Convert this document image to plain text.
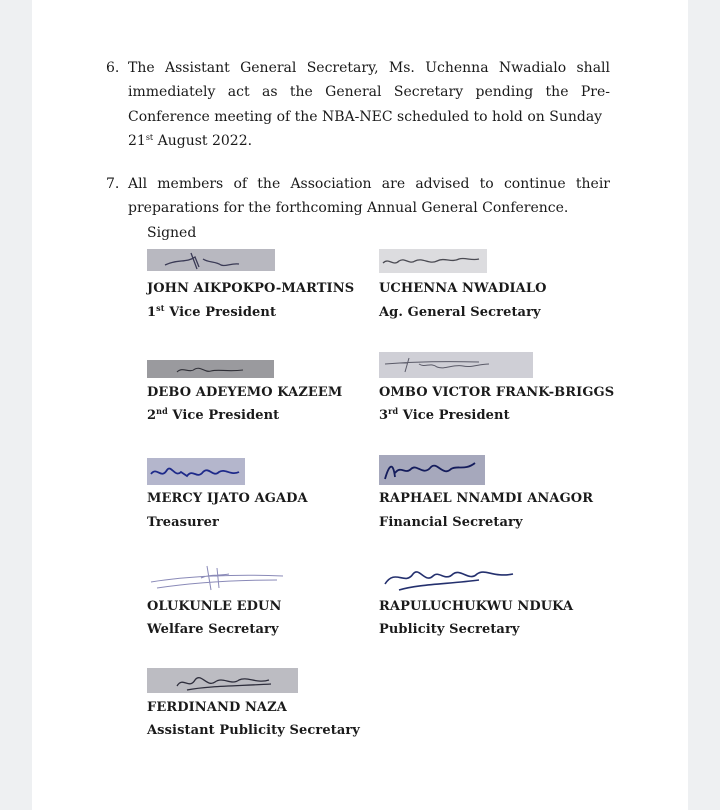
6. The Assistant General Secretary, Ms. Uchenna Nwadialo shall immediately act as the General Secretary pending the Pre-Conference meeting of the NBA-NEC scheduled to hold on Sunday
21st August 2022.
7. All members of the Association are advised to continue their preparations for the forthcoming Annual General Conference.
Signed
JOHN AIKPOKPO-MARTINS
1st Vice President
UCHENNA NWADIALO
Ag. General Secretary
DEBO ADEYEMO KAZEEM
2nd Vice President
OMBO VICTOR FRANK-BRIGGS
3rd Vice President
MERCY IJATO AGADA
Treasurer
RAPHAEL NNAMDI ANAGOR
Financial Secretary
OLUKUNLE EDUN
Welfare Secretary
RAPULUCHUKWU NDUKA
Publicity Secretary
FERDINAND NAZA
Assistant Publicity Secretary
